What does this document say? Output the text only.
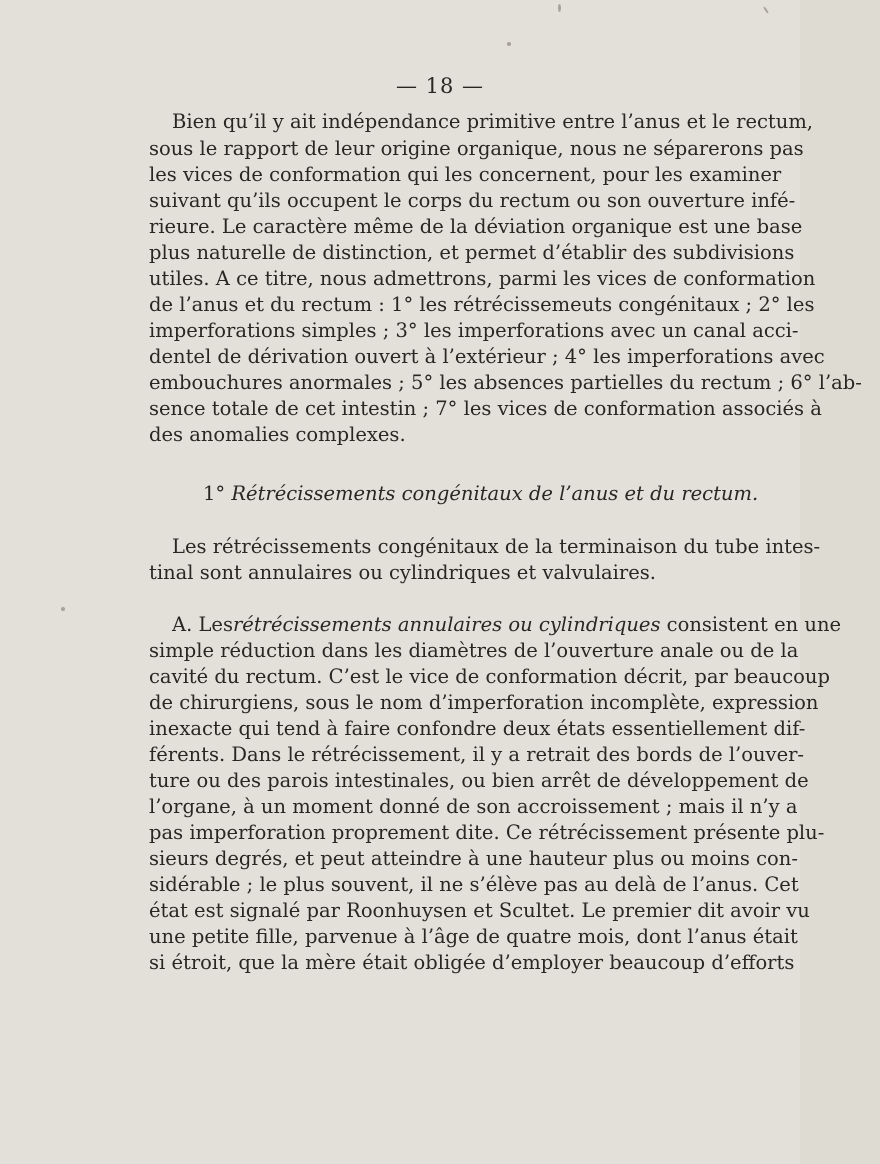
— 18 —
Bien qu’il y ait indépendance primitive entre l’anus et le rectum,
sous le rapport de leur origine organique, nous ne séparerons pas
les vices de conformation qui les concernent, pour les examiner
suivant qu’ils occupent le corps du rectum ou son ouverture infé-
rieure. Le caractère même de la déviation organique est une base
plus naturelle de distinction, et permet d’établir des subdivisions
utiles. A ce titre, nous admettrons, parmi les vices de conformation
de l’anus et du rectum : 1° les rétrécissemeuts congénitaux ; 2° les
imperforations simples ; 3° les imperforations avec un canal acci-
dentel de dérivation ouvert à l’extérieur ; 4° les imperforations avec
embouchures anormales ; 5° les absences partielles du rectum ; 6° l’ab-
sence totale de cet intestin ; 7° les vices de conformation associés à
des anomalies complexes.
1° Rétrécissements congénitaux de l’anus et du rectum.
Les rétrécissements congénitaux de la terminaison du tube intes-
tinal sont annulaires ou cylindriques et valvulaires.
A. Lesrétrécissements annulaires ou cylindriques consistent en une
simple réduction dans les diamètres de l’ouverture anale ou de la
cavité du rectum. C’est le vice de conformation décrit, par beaucoup
de chirurgiens, sous le nom d’imperforation incomplète, expression
inexacte qui tend à faire confondre deux états essentiellement dif-
férents. Dans le rétrécissement, il y a retrait des bords de l’ouver-
ture ou des parois intestinales, ou bien arrêt de développement de
l’organe, à un moment donné de son accroissement ; mais il n’y a
pas imperforation proprement dite. Ce rétrécissement présente plu-
sieurs degrés, et peut atteindre à une hauteur plus ou moins con-
sidérable ; le plus souvent, il ne s’élève pas au delà de l’anus. Cet
état est signalé par Roonhuysen et Scultet. Le premier dit avoir vu
une petite fille, parvenue à l’âge de quatre mois, dont l’anus était
si étroit, que la mère était obligée d’employer beaucoup d’efforts
